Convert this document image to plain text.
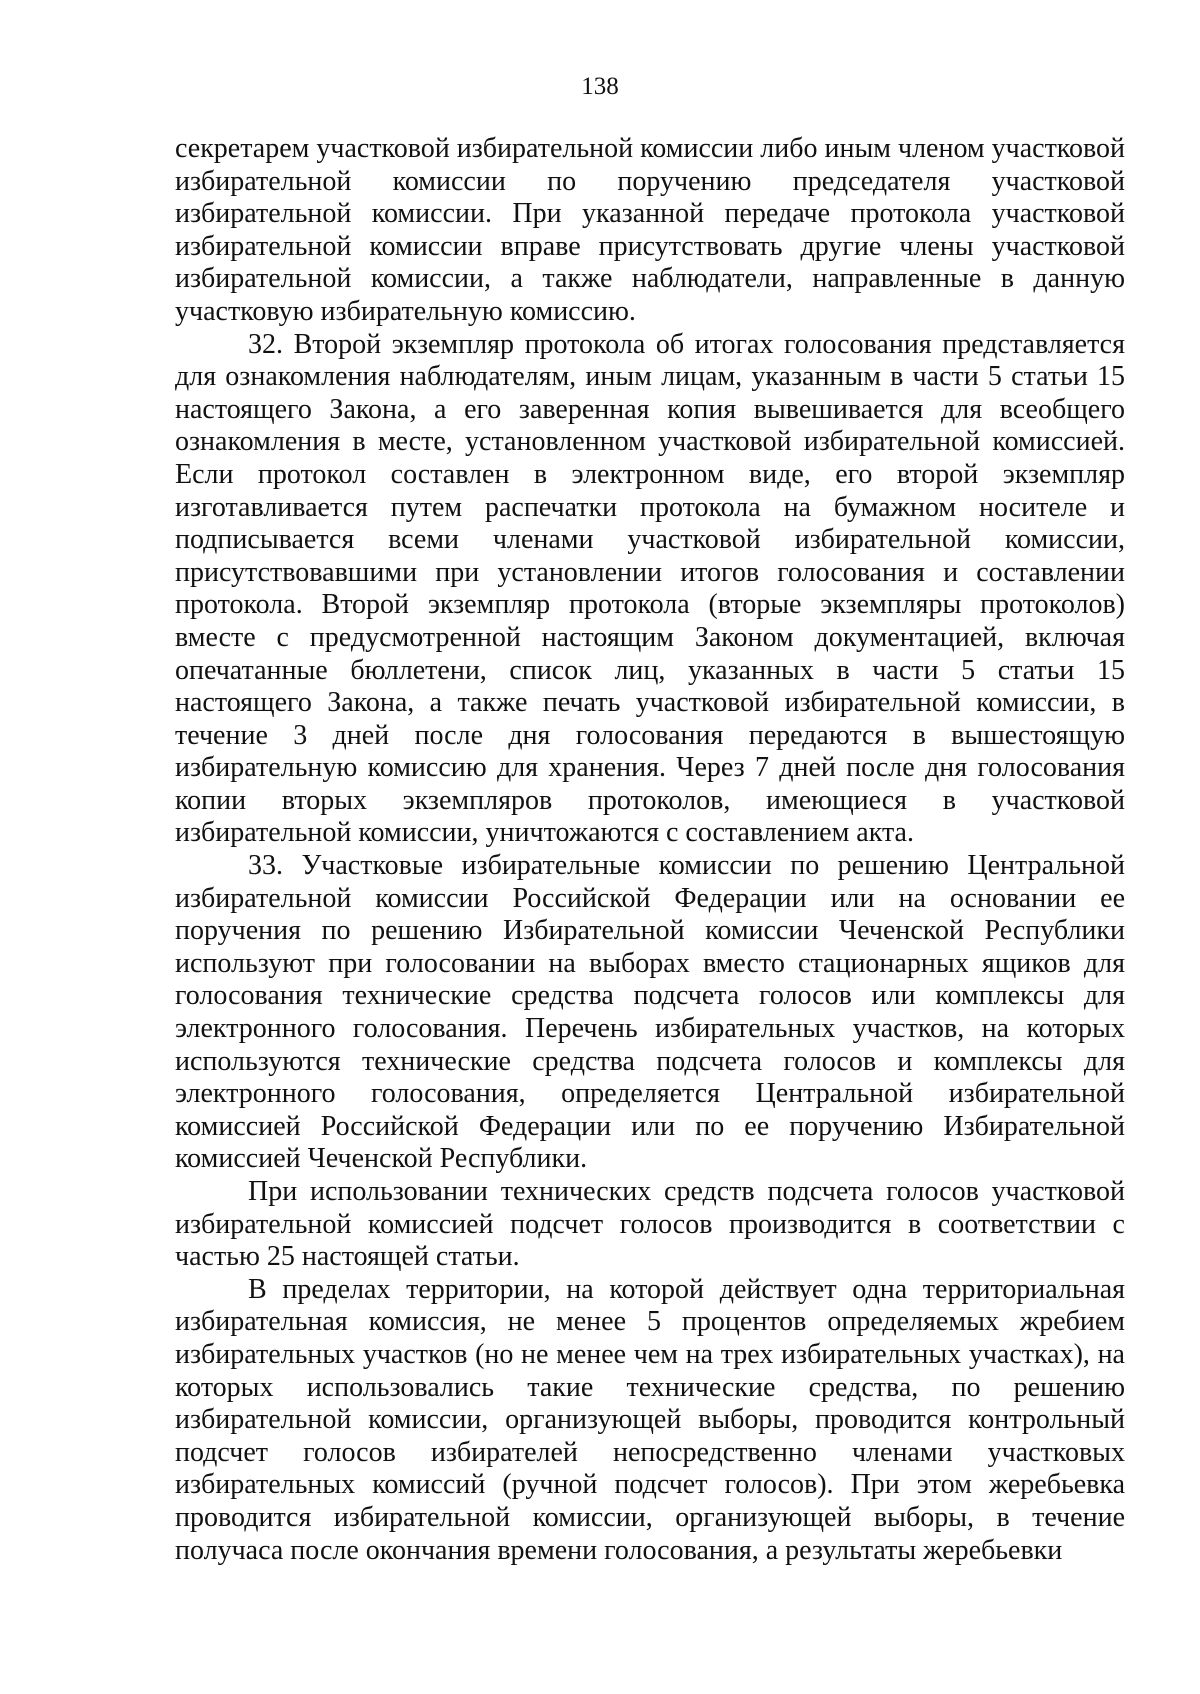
138

секретарем участковой избирательной комиссии либо иным членом участковой избирательной комиссии по поручению председателя участковой избирательной комиссии. При указанной передаче протокола участковой избирательной комиссии вправе присутствовать другие члены участковой избирательной комиссии, а также наблюдатели, направленные в данную участковую избирательную комиссию.

32. Второй экземпляр протокола об итогах голосования представляется для ознакомления наблюдателям, иным лицам, указанным в части 5 статьи 15 настоящего Закона, а его заверенная копия вывешивается для всеобщего ознакомления в месте, установленном участковой избирательной комиссией. Если протокол составлен в электронном виде, его второй экземпляр изготавливается путем распечатки протокола на бумажном носителе и подписывается всеми членами участковой избирательной комиссии, присутствовавшими при установлении итогов голосования и составлении протокола. Второй экземпляр протокола (вторые экземпляры протоколов) вместе с предусмотренной настоящим Законом документацией, включая опечатанные бюллетени, список лиц, указанных в части 5 статьи 15 настоящего Закона, а также печать участковой избирательной комиссии, в течение 3 дней после дня голосования передаются в вышестоящую избирательную комиссию для хранения. Через 7 дней после дня голосования копии вторых экземпляров протоколов, имеющиеся в участковой избирательной комиссии, уничтожаются с составлением акта.

33. Участковые избирательные комиссии по решению Центральной избирательной комиссии Российской Федерации или на основании ее поручения по решению Избирательной комиссии Чеченской Республики используют при голосовании на выборах вместо стационарных ящиков для голосования технические средства подсчета голосов или комплексы для электронного голосования. Перечень избирательных участков, на которых используются технические средства подсчета голосов и комплексы для электронного голосования, определяется Центральной избирательной комиссией Российской Федерации или по ее поручению Избирательной комиссией Чеченской Республики.

При использовании технических средств подсчета голосов участковой избирательной комиссией подсчет голосов производится в соответствии с частью 25 настоящей статьи.

В пределах территории, на которой действует одна территориальная избирательная комиссия, не менее 5 процентов определяемых жребием избирательных участков (но не менее чем на трех избирательных участках), на которых использовались такие технические средства, по решению избирательной комиссии, организующей выборы, проводится контрольный подсчет голосов избирателей непосредственно членами участковых избирательных комиссий (ручной подсчет голосов). При этом жеребьевка проводится избирательной комиссии, организующей выборы, в течение получаса после окончания времени голосования, а результаты жеребьевки
